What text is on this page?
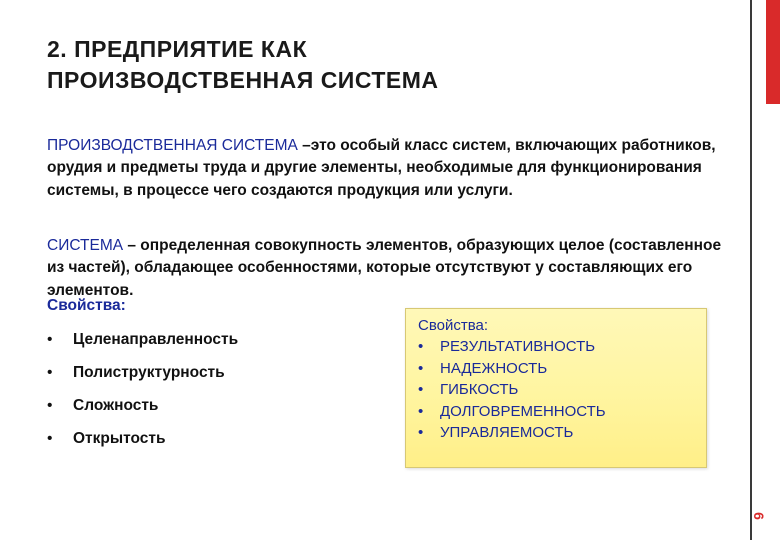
6
2. ПРЕДПРИЯТИЕ КАК
ПРОИЗВОДСТВЕННАЯ СИСТЕМА

ПРОИЗВОДСТВЕННАЯ СИСТЕМА –это особый класс систем, включающих работников, орудия и предметы труда и другие элементы, необходимые для функционирования системы, в процессе чего создаются продукция или услуги.

СИСТЕМА – определенная совокупность элементов, образующих целое (составленное из частей), обладающее особенностями, которые отсутствуют у составляющих его элементов.

Свойства:

• Целенаправленность
• Полиструктурность
• Сложность
• Открытость

Свойства:

• РЕЗУЛЬТАТИВНОСТЬ
• НАДЕЖНОСТЬ
• ГИБКОСТЬ
• ДОЛГОВРЕМЕННОСТЬ
• УПРАВЛЯЕМОСТЬ
